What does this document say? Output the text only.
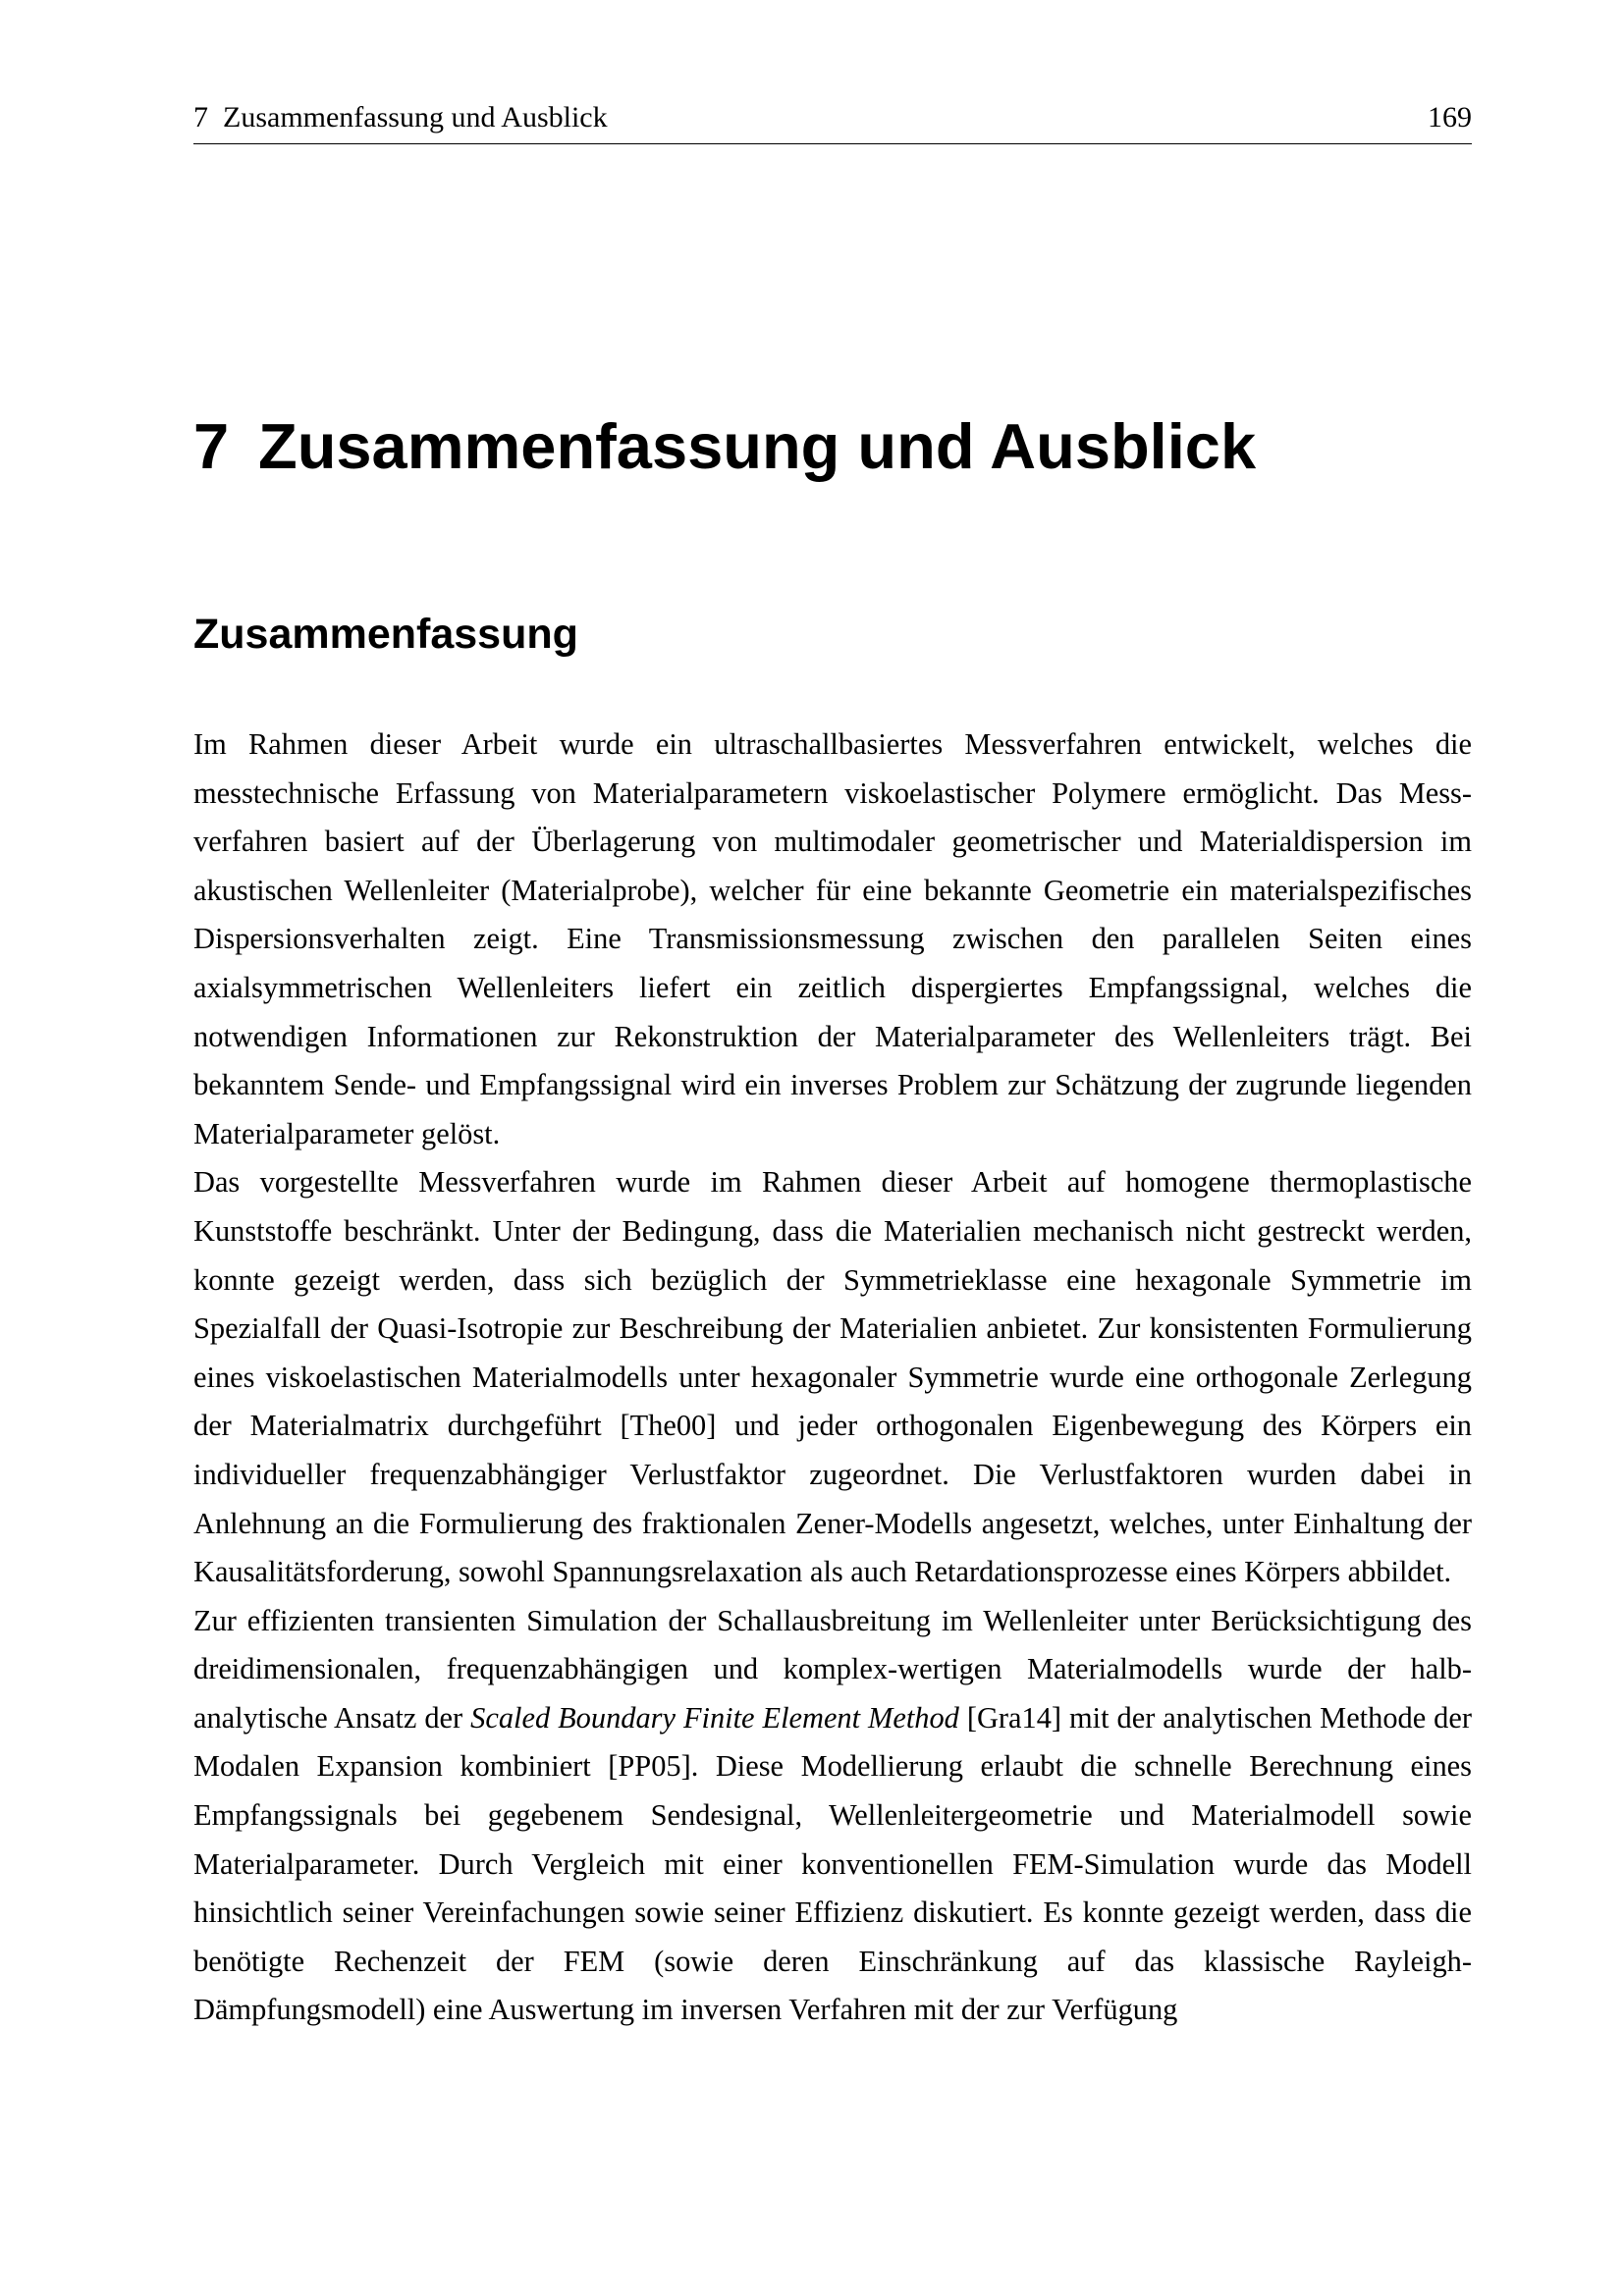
7  Zusammenfassung und Ausblick	169
7 Zusammenfassung und Ausblick
Zusammenfassung

Im Rahmen dieser Arbeit wurde ein ultraschallbasiertes Messverfahren entwickelt, welches die messtechnische Erfassung von Materialparametern viskoelastischer Polymere ermöglicht. Das Messverfahren basiert auf der Überlagerung von multimodaler geometrischer und Materialdispersion im akustischen Wellenleiter (Materialprobe), welcher für eine bekannte Geometrie ein materialspezifisches Dispersionsverhalten zeigt. Eine Transmissionsmessung zwischen den parallelen Seiten eines axialsymmetrischen Wellenleiters liefert ein zeitlich dispergiertes Empfangssignal, welches die notwendigen Informationen zur Rekonstruktion der Materialparameter des Wellenleiters trägt. Bei bekanntem Sende- und Empfangssignal wird ein inverses Problem zur Schätzung der zugrunde liegenden Materialparameter gelöst.

Das vorgestellte Messverfahren wurde im Rahmen dieser Arbeit auf homogene thermoplastische Kunststoffe beschränkt. Unter der Bedingung, dass die Materialien mechanisch nicht gestreckt werden, konnte gezeigt werden, dass sich bezüglich der Symmetrieklasse eine hexagonale Symmetrie im Spezialfall der Quasi-Isotropie zur Beschreibung der Materialien anbietet. Zur konsistenten Formulierung eines viskoelastischen Materialmodells unter hexagonaler Symmetrie wurde eine orthogonale Zerlegung der Materialmatrix durchgeführt [The00] und jeder orthogonalen Eigenbewegung des Körpers ein individueller frequenzabhängiger Verlustfaktor zugeordnet. Die Verlustfaktoren wurden dabei in Anlehnung an die Formulierung des fraktionalen Zener-Modells angesetzt, welches, unter Einhaltung der Kausalitätsforderung, sowohl Spannungsrelaxation als auch Retardationsprozesse eines Körpers abbildet.

Zur effizienten transienten Simulation der Schallausbreitung im Wellenleiter unter Berücksichtigung des dreidimensionalen, frequenzabhängigen und komplex-wertigen Materialmodells wurde der halb-analytische Ansatz der Scaled Boundary Finite Element Method [Gra14] mit der analytischen Methode der Modalen Expansion kombiniert [PP05]. Diese Modellierung erlaubt die schnelle Berechnung eines Empfangssignals bei gegebenem Sendesignal, Wellenleitergeometrie und Materialmodell sowie Materialparameter. Durch Vergleich mit einer konventionellen FEM-Simulation wurde das Modell hinsichtlich seiner Vereinfachungen sowie seiner Effizienz diskutiert. Es konnte gezeigt werden, dass die benötigte Rechenzeit der FEM (sowie deren Einschränkung auf das klassische Rayleigh-Dämpfungsmodell) eine Auswertung im inversen Verfahren mit der zur Verfügung
